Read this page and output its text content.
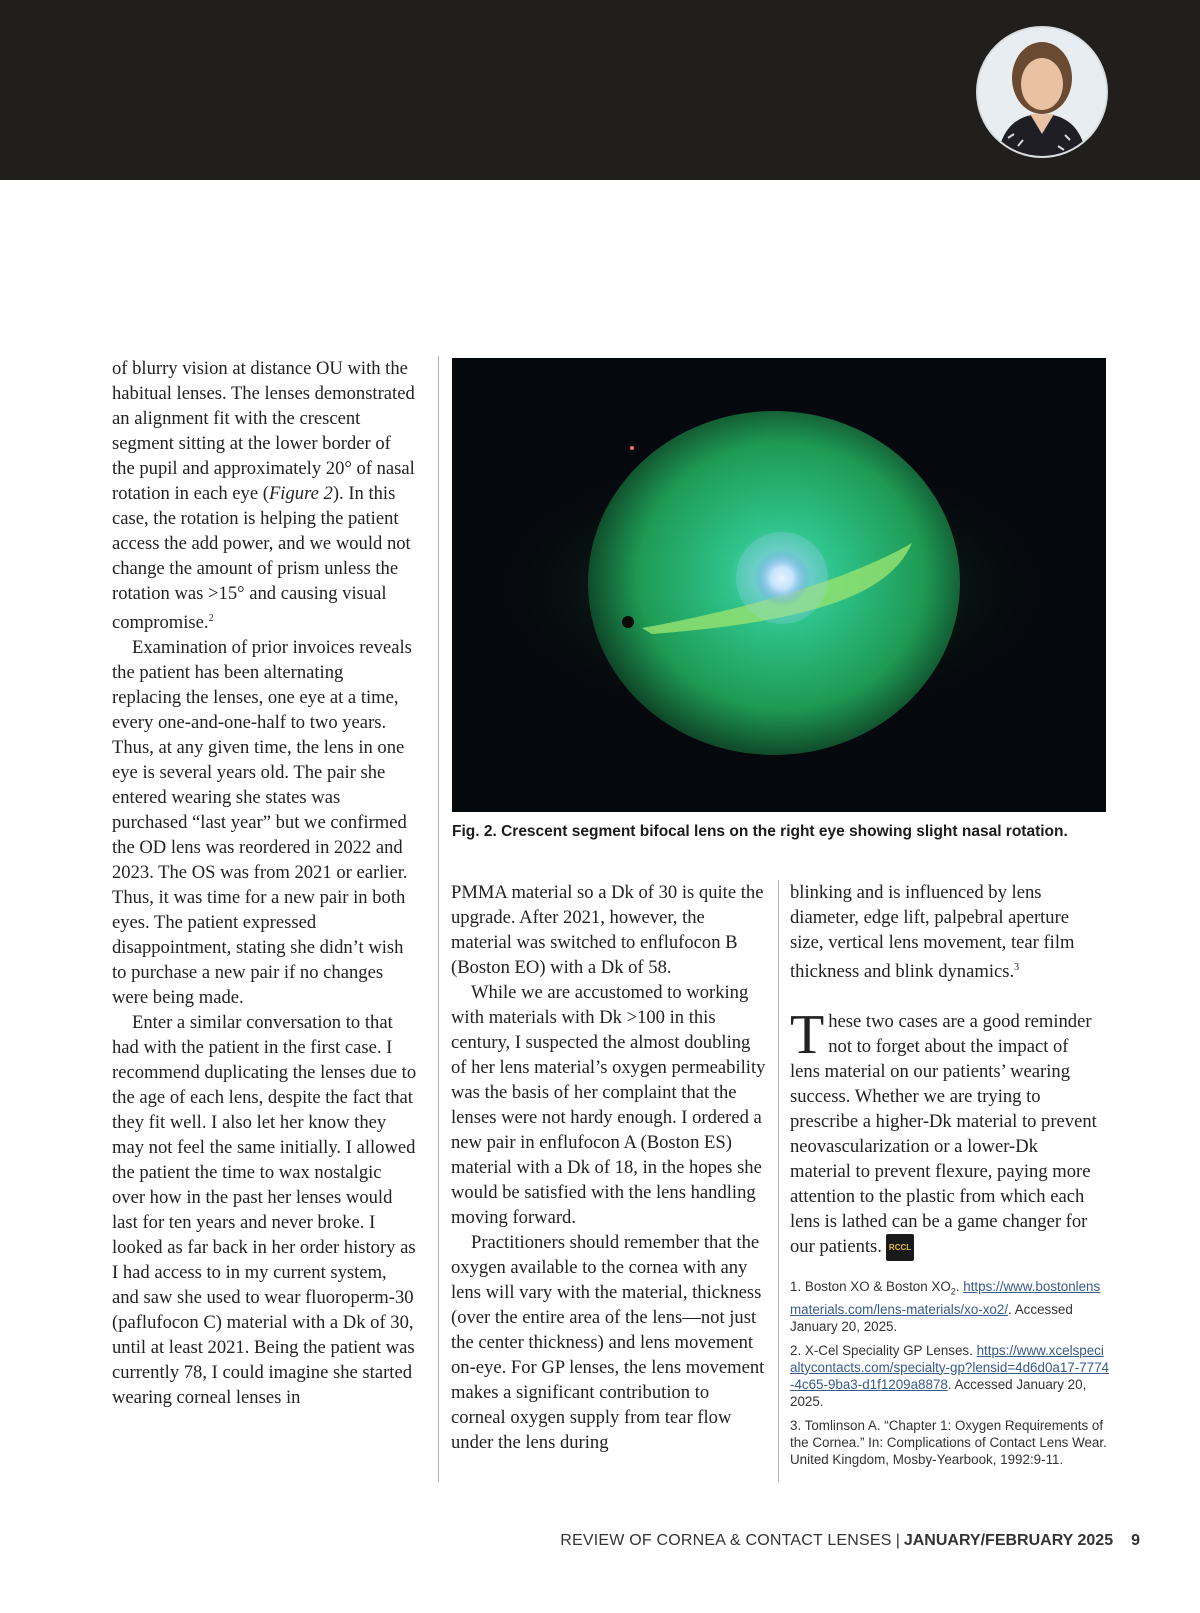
of blurry vision at distance OU with the habitual lenses. The lenses demonstrated an alignment fit with the crescent segment sitting at the lower border of the pupil and approximately 20° of nasal rotation in each eye (Figure 2). In this case, the rotation is helping the patient access the add power, and we would not change the amount of prism unless the rotation was >15° and causing visual compromise.$^2$

Examination of prior invoices reveals the patient has been alternating replacing the lenses, one eye at a time, every one-and-one-half to two years. Thus, at any given time, the lens in one eye is several years old. The pair she entered wearing she states was purchased “last year” but we confirmed the OD lens was reordered in 2022 and 2023. The OS was from 2021 or earlier. Thus, it was time for a new pair in both eyes. The patient expressed disappointment, stating she didn’t wish to purchase a new pair if no changes were being made.

Enter a similar conversation to that had with the patient in the first case. I recommend duplicating the lenses due to the age of each lens, despite the fact that they fit well. I also let her know they may not feel the same initially. I allowed the patient the time to wax nostalgic over how in the past her lenses would last for ten years and never broke. I looked as far back in her order history as I had access to in my current system, and saw she used to wear fluoroperm-30 (paflufocon C) material with a Dk of 30, until at least 2021. Being the patient was currently 78, I could imagine she started wearing corneal lenses in

Fig. 2. Crescent segment bifocal lens on the right eye showing slight nasal rotation.

PMMA material so a Dk of 30 is quite the upgrade. After 2021, however, the material was switched to enflufocon B (Boston EO) with a Dk of 58.

While we are accustomed to working with materials with Dk >100 in this century, I suspected the almost doubling of her lens material’s oxygen permeability was the basis of her complaint that the lenses were not hardy enough. I ordered a new pair in enflufocon A (Boston ES) material with a Dk of 18, in the hopes she would be satisfied with the lens handling moving forward.

Practitioners should remember that the oxygen available to the cornea with any lens will vary with the material, thickness (over the entire area of the lens—not just the center thickness) and lens movement on-eye. For GP lenses, the lens movement makes a significant contribution to corneal oxygen supply from tear flow under the lens during

blinking and is influenced by lens diameter, edge lift, palpebral aperture size, vertical lens movement, tear film thickness and blink dynamics.$^3$

These two cases are a good reminder not to forget about the impact of lens material on our patients’ wearing success. Whether we are trying to prescribe a higher-Dk material to prevent neovascularization or a lower-Dk material to prevent flexure, paying more attention to the plastic from which each lens is lathed can be a game changer for our patients. RCCL

1. Boston XO & Boston $XO_2$. https://www.bostonlensmaterials.com/lens-materials/xo-xo2/. Accessed January 20, 2025.
2. X-Cel Speciality GP Lenses. https://www.xcelspecialtycontacts.com/specialty-gp?lensid=4d6d0a17-7774-4c65-9ba3-d1f1209a8878. Accessed January 20, 2025.
3. Tomlinson A. “Chapter 1: Oxygen Requirements of the Cornea.” In: Complications of Contact Lens Wear. United Kingdom, Mosby-Yearbook, 1992:9-11.
REVIEW OF CORNEA & CONTACT LENSES | JANUARY/FEBRUARY 2025 9
